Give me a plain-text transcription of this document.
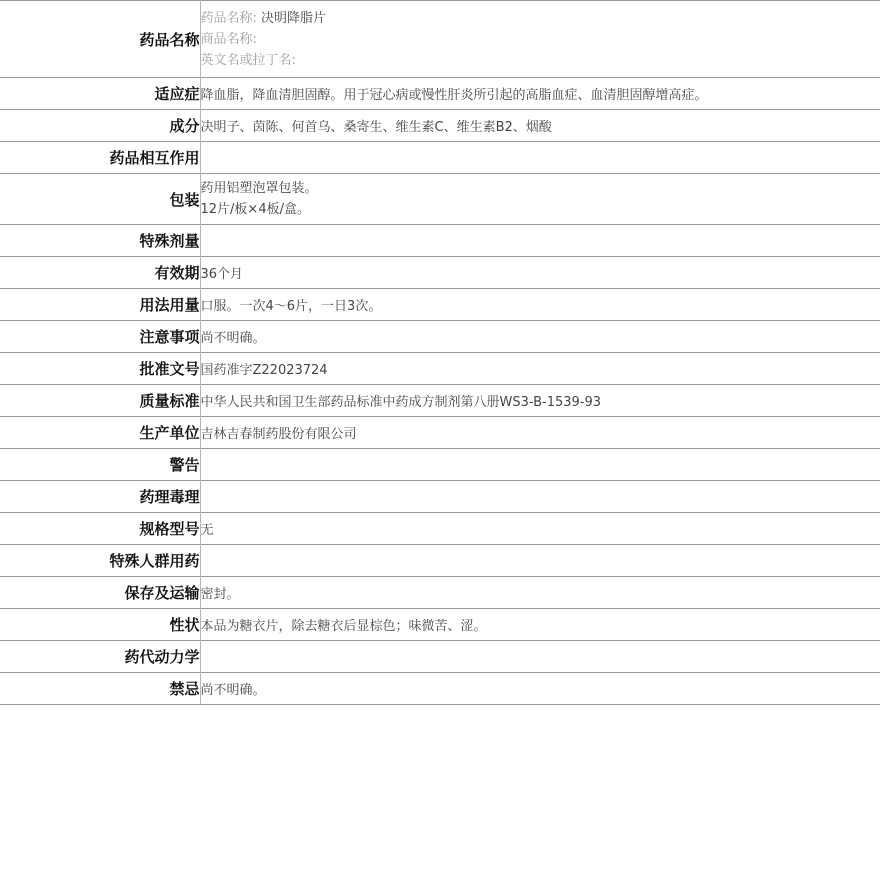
药品名称	药品名称: 决明降脂片
商品名称:
英文名或拉丁名:

适应症	降血脂，降血清胆固醇。用于冠心病或慢性肝炎所引起的高脂血症、血清胆固醇增高症。
成分	决明子、茵陈、何首乌、桑寄生、维生素C、维生素B2、烟酸
药品相互作用	
包装	药用铝塑泡罩包装。
12片/板×4板/盒。

特殊剂量	
有效期	36个月
用法用量	口服。一次4～6片，一日3次。
注意事项	尚不明确。
批准文号	国药准字Z22023724
质量标准	中华人民共和国卫生部药品标准中药成方制剂第八册WS3-B-1539-93
生产单位	吉林吉春制药股份有限公司
警告	
药理毒理	
规格型号	无
特殊人群用药	
保存及运输	密封。
性状	本品为糖衣片，除去糖衣后显棕色；味微苦、涩。
药代动力学	
禁忌	尚不明确。
